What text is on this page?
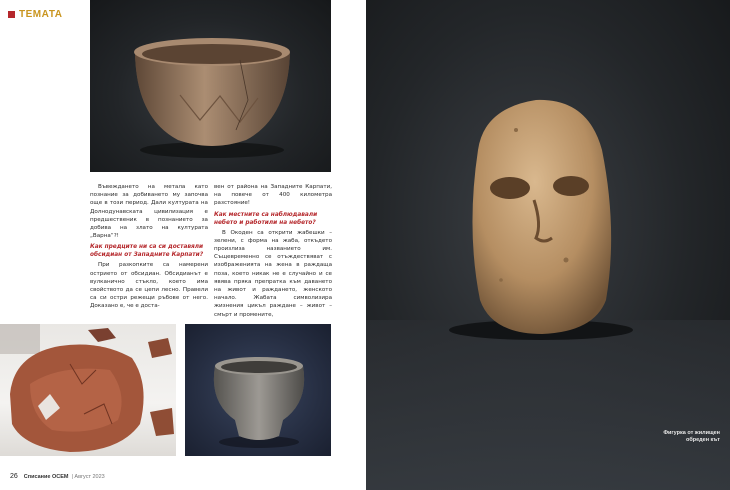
ТЕМАТА

Въвеждането на метала като познание за добиването му започва още в този период. Дали културата на Долнодунавската цивилизация е предшественик в познанието за добива на злато на културата „Варна“?!

Как предците ни са си доставяли обсидиан от Западните Карпати?

При разкопките са намерени острието от обсидиан. Обсидианът е вулканично стъкло, което има свойството да се цепи лесно. Правели са си остри режещи ръбове от него. Доказано е, че е доста-

вен от района на Западните Карпати, на повече от 400 километра разстояние!

Как местните са наблюдавали небето и работили на небето?

В Окоден са открити жабешки – зелени, с форма на жаба, откъдето произлиза названието им. Същевременно се отъждествяват с изображенията на жена в раждаща поза, което никак не е случайно и се явява пряка препратка към даването на живот и раждането, женското начало. Жабата символизира жизнения цикъл раждане – живот – смърт и промените,

26 Списание ОСЕМ | Август 2023
Фигурка от жилищен обреден кът
